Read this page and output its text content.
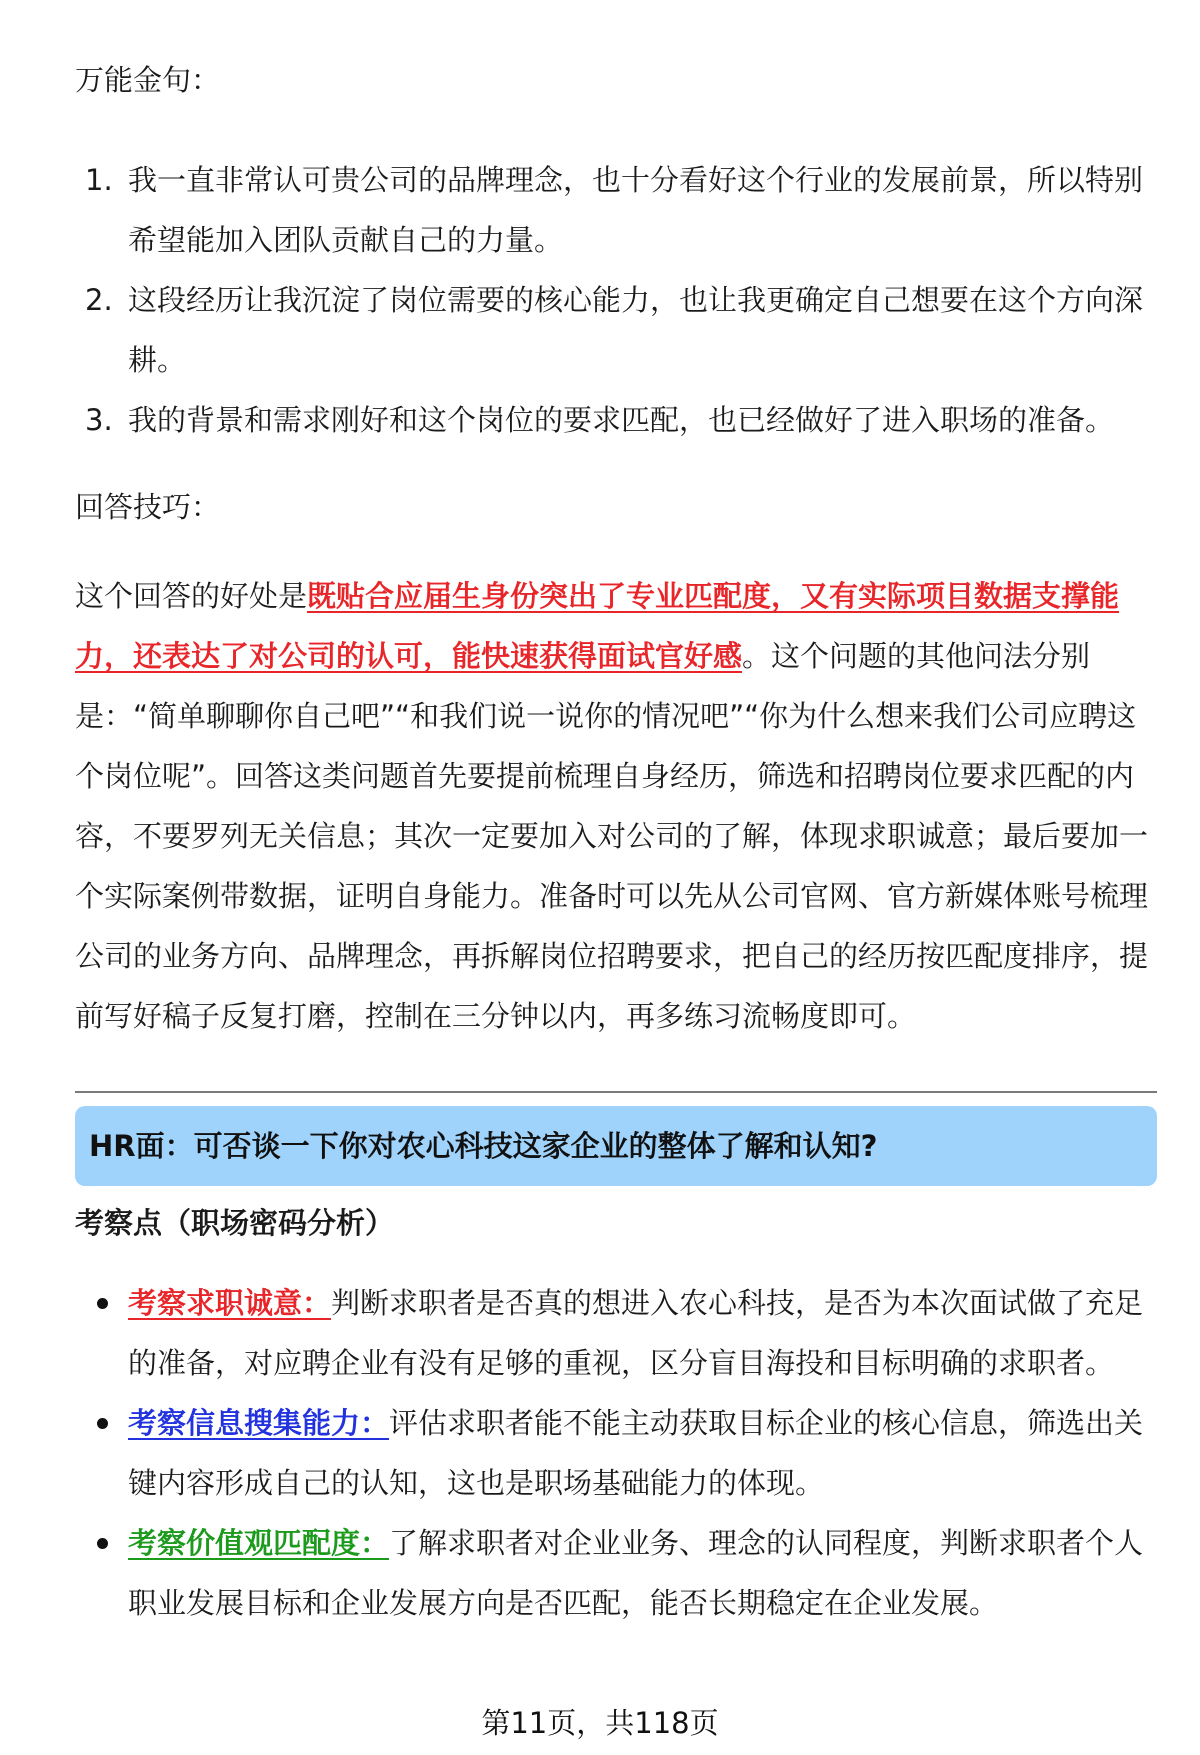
万能金句：
1. 我一直非常认可贵公司的品牌理念，也十分看好这个行业的发展前景，所以特别希望能加入团队贡献自己的力量。
2. 这段经历让我沉淀了岗位需要的核心能力，也让我更确定自己想要在这个方向深耕。
3. 我的背景和需求刚好和这个岗位的要求匹配，也已经做好了进入职场的准备。
回答技巧：

这个回答的好处是既贴合应届生身份突出了专业匹配度，又有实际项目数据支撑能力，还表达了对公司的认可，能快速获得面试官好感。这个问题的其他问法分别是：“简单聊聊你自己吧”“和我们说一说你的情况吧”“你为什么想来我们公司应聘这个岗位呢”。回答这类问题首先要提前梳理自身经历，筛选和招聘岗位要求匹配的内容，不要罗列无关信息；其次一定要加入对公司的了解，体现求职诚意；最后要加一个实际案例带数据，证明自身能力。准备时可以先从公司官网、官方新媒体账号梳理公司的业务方向、品牌理念，再拆解岗位招聘要求，把自己的经历按匹配度排序，提前写好稿子反复打磨，控制在三分钟以内，再多练习流畅度即可。

HR面：可否谈一下你对农心科技这家企业的整体了解和认知?
考察点（职场密码分析）
考察求职诚意：判断求职者是否真的想进入农心科技，是否为本次面试做了充足的准备，对应聘企业有没有足够的重视，区分盲目海投和目标明确的求职者。
考察信息搜集能力：评估求职者能不能主动获取目标企业的核心信息，筛选出关键内容形成自己的认知，这也是职场基础能力的体现。
考察价值观匹配度：了解求职者对企业业务、理念的认同程度，判断求职者个人职业发展目标和企业发展方向是否匹配，能否长期稳定在企业发展。
第11页，共118页
